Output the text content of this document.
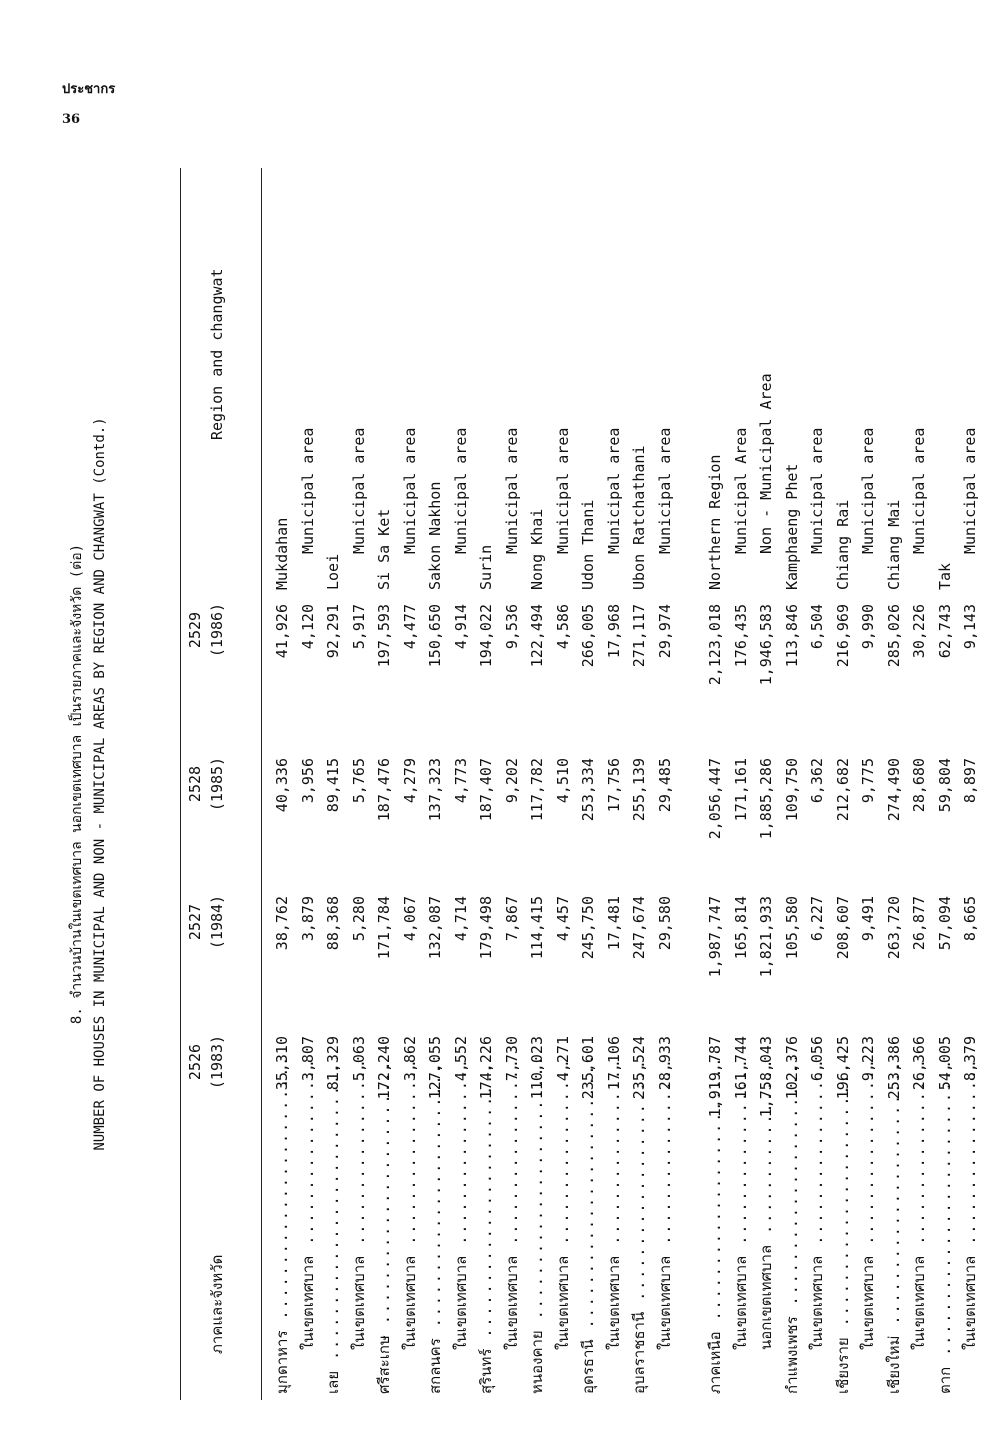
ประชากร
36
8. จำนวนบ้านในเขตเทศบาล นอกเขตเทศบาล เป็นรายภาคและจังหวัด (ต่อ) NUMBER OF HOUSES IN MUNICIPAL AND NON - MUNICIPAL AREAS BY REGION AND CHANGWAT (Contd.)
ภาคและจังหวัด
2526 (1983)
2527 (1984)
2528 (1985)
2529 (1986)
Region and changwat
มุกดาหาร .....
35,310
38,762
40,336
41,926
Mukdahan
ในเขตเทศบาล .....
3,807
3,879
3,956
4,120
Municipal area
เลย .....
81,329
88,368
89,415
92,291
Loei
ในเขตเทศบาล .....
5,063
5,280
5,765
5,917
Municipal area
ศรีสะเกษ .....
172,240
171,784
187,476
197,593
Si Sa Ket
ในเขตเทศบาล .....
3,862
4,067
4,279
4,477
Municipal area
สกลนคร .....
127,055
132,087
137,323
150,650
Sakon Nakhon
ในเขตเทศบาล .....
4,552
4,714
4,773
4,914
Municipal area
สุรินทร์ .....
174,226
179,498
187,407
194,022
Surin
ในเขตเทศบาล .....
7,730
7,867
9,202
9,536
Municipal area
หนองคาย .....
110,023
114,415
117,782
122,494
Nong Khai
ในเขตเทศบาล .....
4,271
4,457
4,510
4,586
Municipal area
อุดรธานี .....
235,601
245,750
253,334
266,005
Udon Thani
ในเขตเทศบาล .....
17,106
17,481
17,756
17,968
Municipal area
อุบลราชธานี .....
235,524
247,674
255,139
271,117
Ubon Ratchathani
ในเขตเทศบาล .....
28,933
29,580
29,485
29,974
Municipal area
ภาคเหนือ .....
1,919,787
1,987,747
2,056,447
2,123,018
Northern Region
ในเขตเทศบาล .....
161,744
165,814
171,161
176,435
Municipal Area
นอกเขตเทศบาล .....
1,758,043
1,821,933
1,885,286
1,946,583
Non - Municipal Area
กำแพงเพชร .....
102,376
105,580
109,750
113,846
Kamphaeng Phet
ในเขตเทศบาล .....
6,056
6,227
6,362
6,504
Municipal area
เชียงราย .....
196,425
208,607
212,682
216,969
Chiang Rai
ในเขตเทศบาล .....
9,223
9,491
9,775
9,990
Municipal area
เชียงใหม่ .....
253,386
263,720
274,490
285,026
Chiang Mai
ในเขตเทศบาล .....
26,366
26,877
28,680
30,226
Municipal area
ตาก .....
54,005
57,094
59,804
62,743
Tak
ในเขตเทศบาล .....
8,379
8,665
8,897
9,143
Municipal area
